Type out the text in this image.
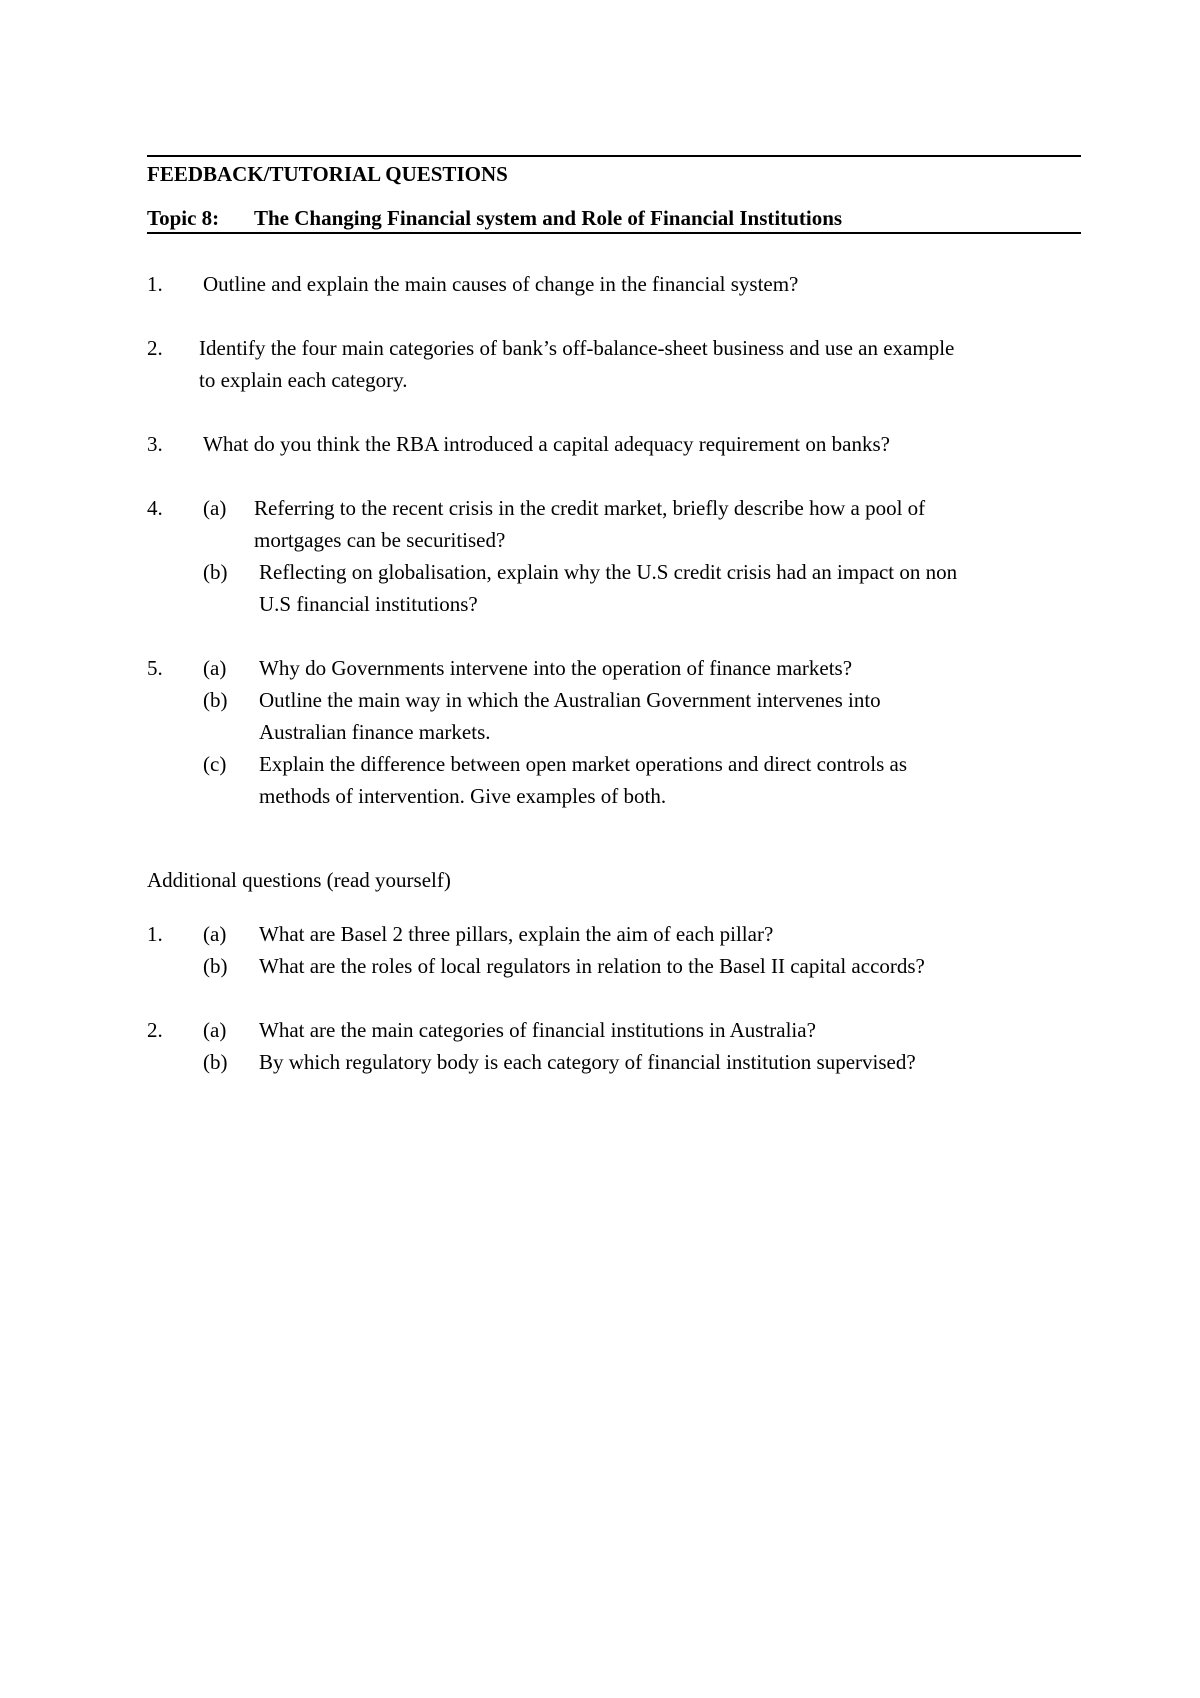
FEEDBACK/TUTORIAL QUESTIONS
Topic 8: The Changing Financial system and Role of Financial Institutions
1. Outline and explain the main causes of change in the financial system?
2. Identify the four main categories of bank’s off-balance-sheet business and use an example
to explain each category.
3. What do you think the RBA introduced a capital adequacy requirement on banks?
4. (a) Referring to the recent crisis in the credit market, briefly describe how a pool of
mortgages can be securitised?
(b) Reflecting on globalisation, explain why the U.S credit crisis had an impact on non
U.S financial institutions?
5. (a) Why do Governments intervene into the operation of finance markets?
(b) Outline the main way in which the Australian Government intervenes into
Australian finance markets.
(c) Explain the difference between open market operations and direct controls as
methods of intervention. Give examples of both.
Additional questions (read yourself)
1. (a) What are Basel 2 three pillars, explain the aim of each pillar?
(b) What are the roles of local regulators in relation to the Basel II capital accords?
2. (a) What are the main categories of financial institutions in Australia?
(b) By which regulatory body is each category of financial institution supervised?
